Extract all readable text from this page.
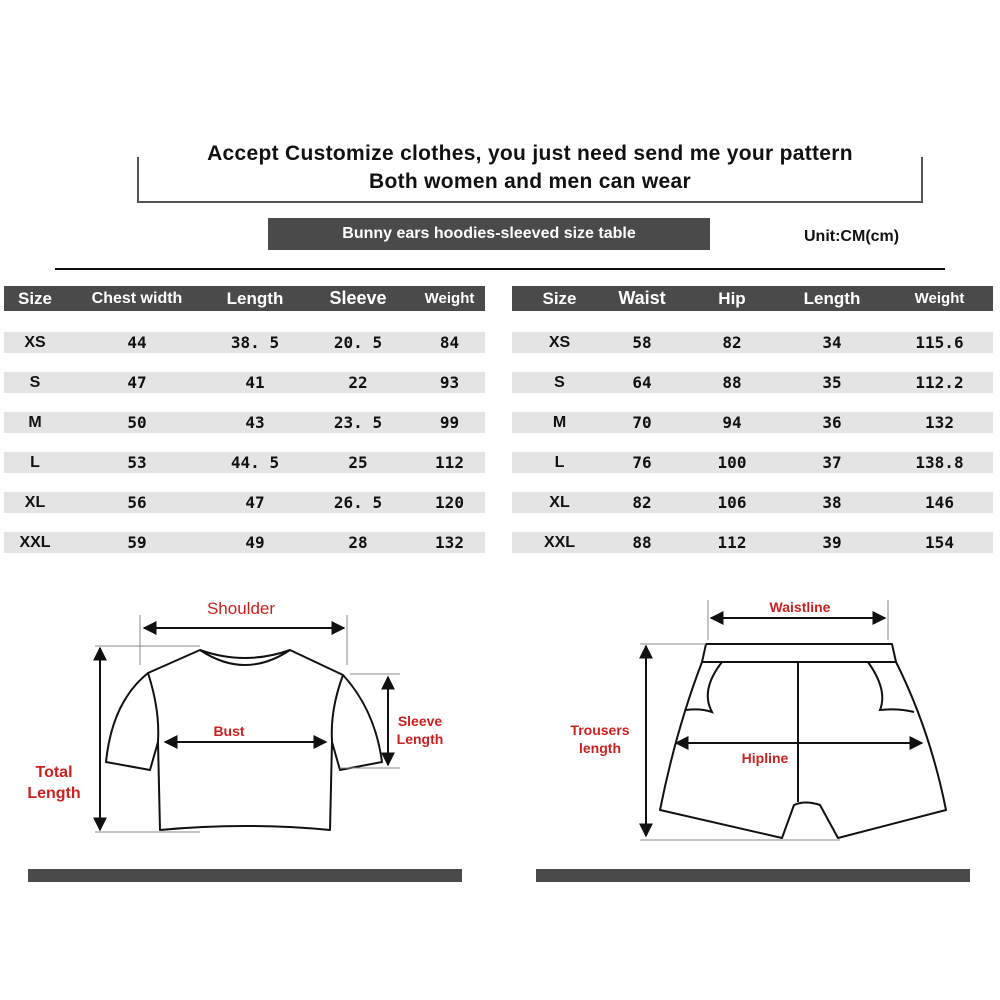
Accept Customize clothes, you just need send me your pattern
Both women and men can wear
Bunny ears hoodies-sleeved size table	Unit:CM(cm)
Size	Chest width	Length	Sleeve	Weight
XS	44	38. 5	20. 5	84
S	47	41	22	93
M	50	43	23. 5	99
L	53	44. 5	25	112
XL	56	47	26. 5	120
XXL	59	49	28	132
Size	Waist	Hip	Length	Weight
XS	58	82	34	115.6
S	64	88	35	112.2
M	70	94	36	132
L	76	100	37	138.8
XL	82	106	38	146
XXL	88	112	39	154
Shoulder
Bust
Sleeve
Length
Total
Length
Waistline
Hipline
Trousers
length
